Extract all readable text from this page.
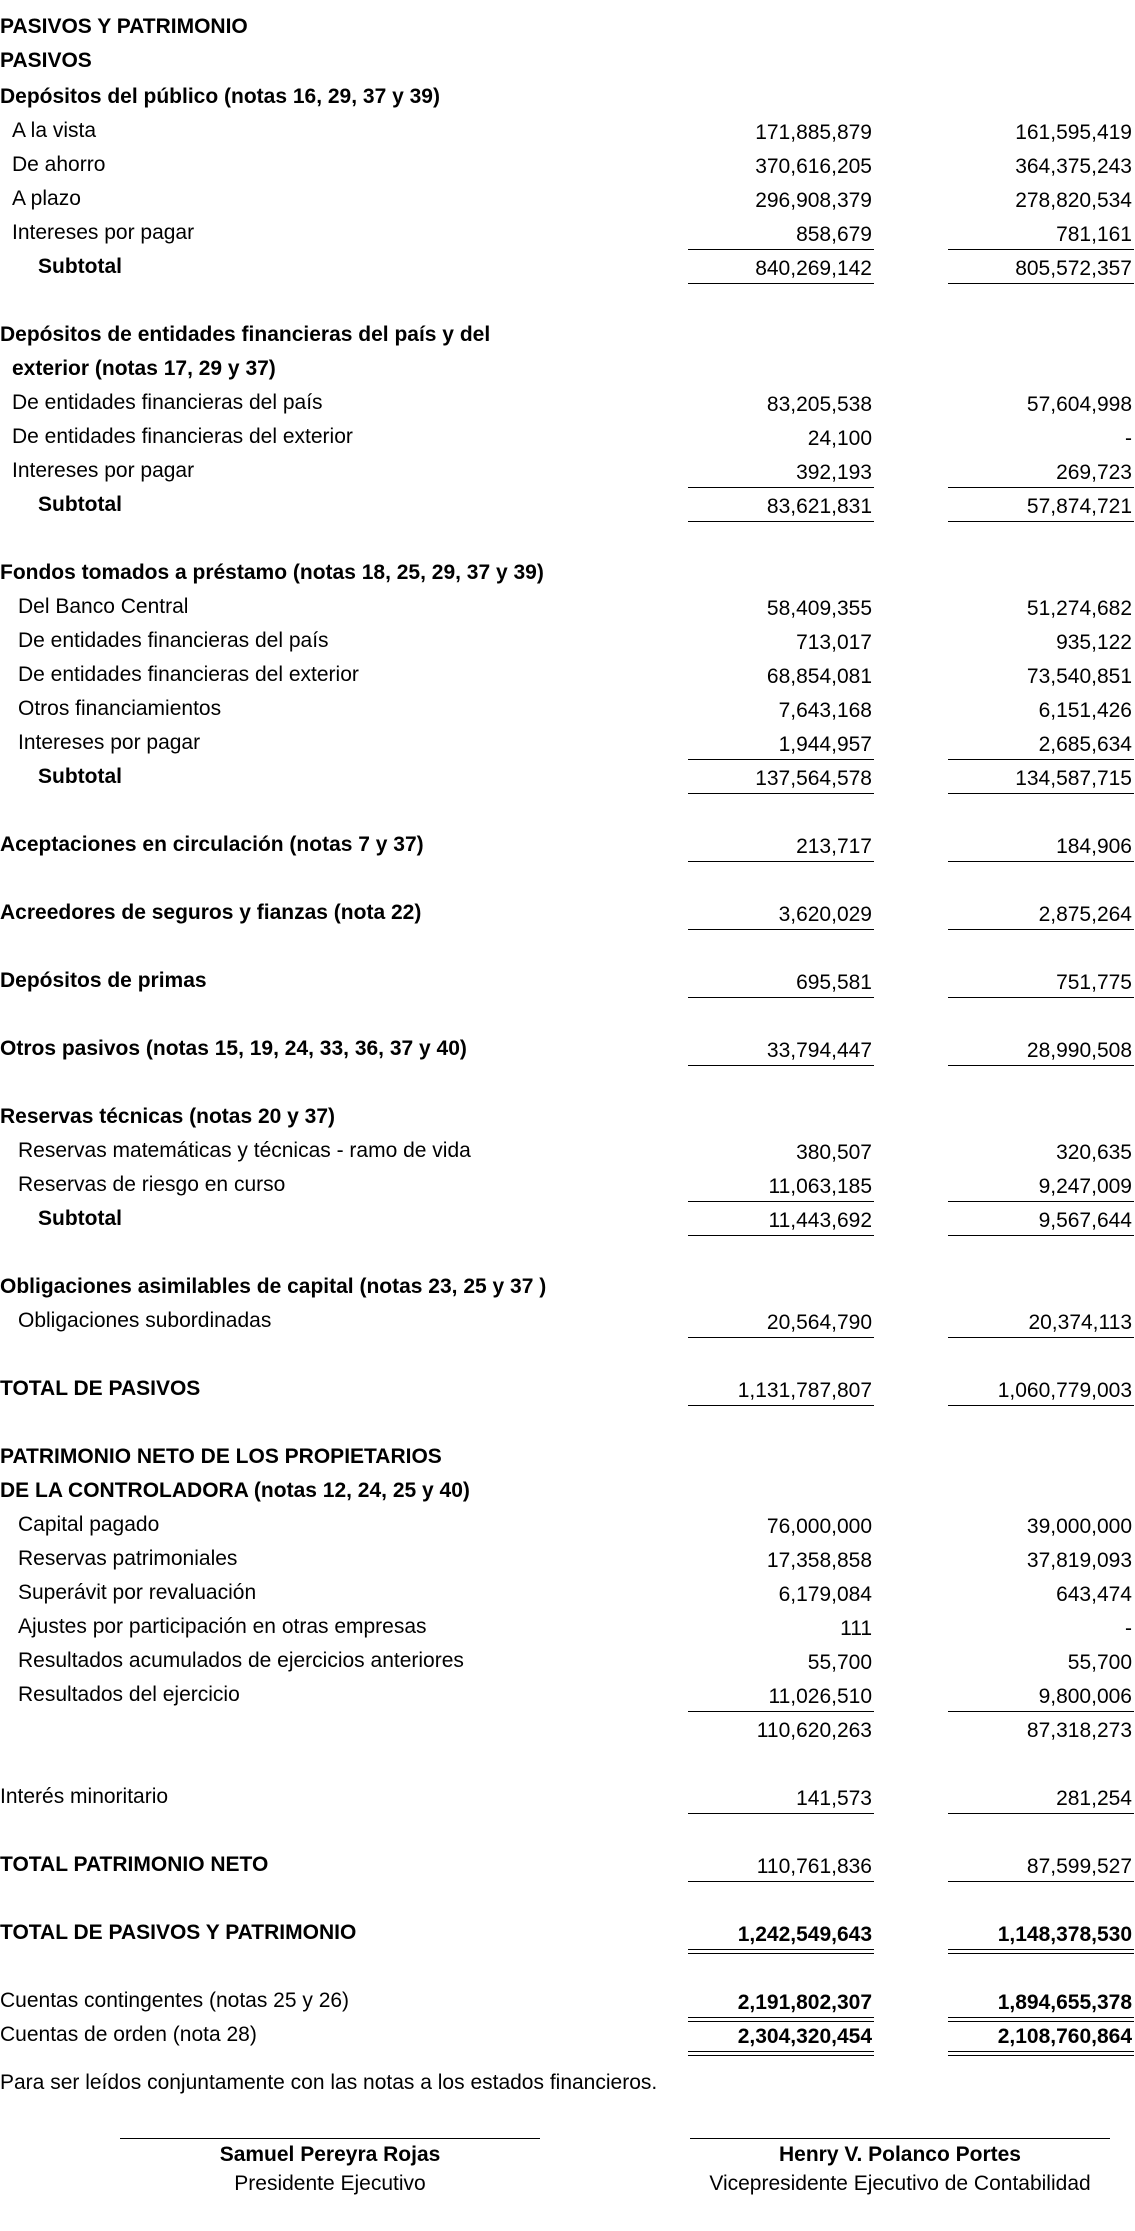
PASIVOS Y PATRIMONIO
PASIVOS
Depósitos del público (notas 16, 29, 37 y 39)
A la vista	171,885,879	161,595,419
De ahorro	370,616,205	364,375,243
A plazo	296,908,379	278,820,534
Intereses por pagar	858,679	781,161
Subtotal	840,269,142	805,572,357
Depósitos de entidades financieras del país y del
exterior (notas 17, 29 y 37)
De entidades financieras del país	83,205,538	57,604,998
De entidades financieras del exterior	24,100	-
Intereses por pagar	392,193	269,723
Subtotal	83,621,831	57,874,721
Fondos tomados a préstamo (notas 18, 25, 29, 37 y 39)
Del Banco Central	58,409,355	51,274,682
De entidades financieras del país	713,017	935,122
De entidades financieras del exterior	68,854,081	73,540,851
Otros financiamientos	7,643,168	6,151,426
Intereses por pagar	1,944,957	2,685,634
Subtotal	137,564,578	134,587,715
Aceptaciones en circulación (notas 7 y 37)	213,717	184,906
Acreedores de seguros y fianzas (nota 22)	3,620,029	2,875,264
Depósitos de primas	695,581	751,775
Otros pasivos (notas 15, 19, 24, 33, 36, 37 y 40)	33,794,447	28,990,508
Reservas técnicas (notas 20 y 37)
Reservas matemáticas y técnicas - ramo de vida	380,507	320,635
Reservas de riesgo en curso	11,063,185	9,247,009
Subtotal	11,443,692	9,567,644
Obligaciones asimilables de capital (notas 23, 25 y 37 )
Obligaciones subordinadas	20,564,790	20,374,113
TOTAL DE PASIVOS	1,131,787,807	1,060,779,003
PATRIMONIO NETO DE LOS PROPIETARIOS
DE LA CONTROLADORA (notas 12, 24, 25 y 40)
Capital pagado	76,000,000	39,000,000
Reservas patrimoniales	17,358,858	37,819,093
Superávit por revaluación	6,179,084	643,474
Ajustes por participación en otras empresas	111	-
Resultados acumulados de ejercicios anteriores	55,700	55,700
Resultados del ejercicio	11,026,510	9,800,006
110,620,263	87,318,273
Interés minoritario	141,573	281,254
TOTAL PATRIMONIO NETO	110,761,836	87,599,527
TOTAL DE PASIVOS Y PATRIMONIO	1,242,549,643	1,148,378,530
Cuentas contingentes (notas 25 y 26)	2,191,802,307	1,894,655,378
Cuentas de orden (nota 28)	2,304,320,454	2,108,760,864
Para ser leídos conjuntamente con las notas a los estados financieros.
Samuel Pereyra Rojas
Presidente Ejecutivo
Henry V. Polanco Portes
Vicepresidente Ejecutivo de Contabilidad
